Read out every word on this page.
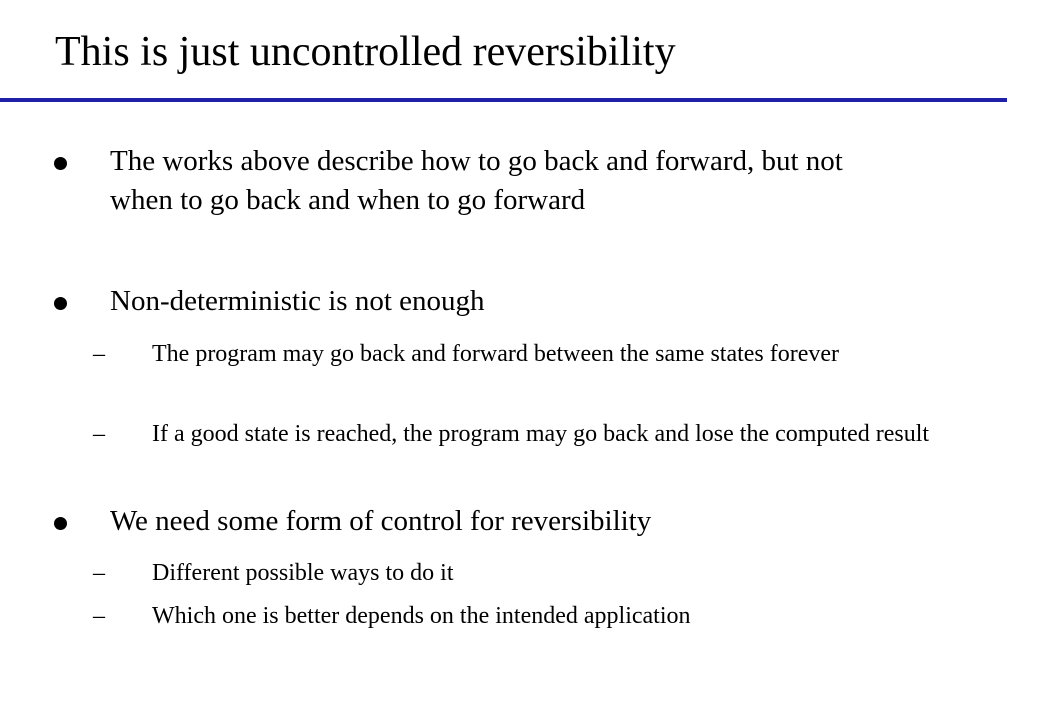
This is just uncontrolled reversibility
The works above describe how to go back and forward, but not when to go back and when to go forward
Non-deterministic is not enough
– The program may go back and forward between the same states forever
– If a good state is reached, the program may go back and lose the computed result
We need some form of control for reversibility
– Different possible ways to do it
– Which one is better depends on the intended application
